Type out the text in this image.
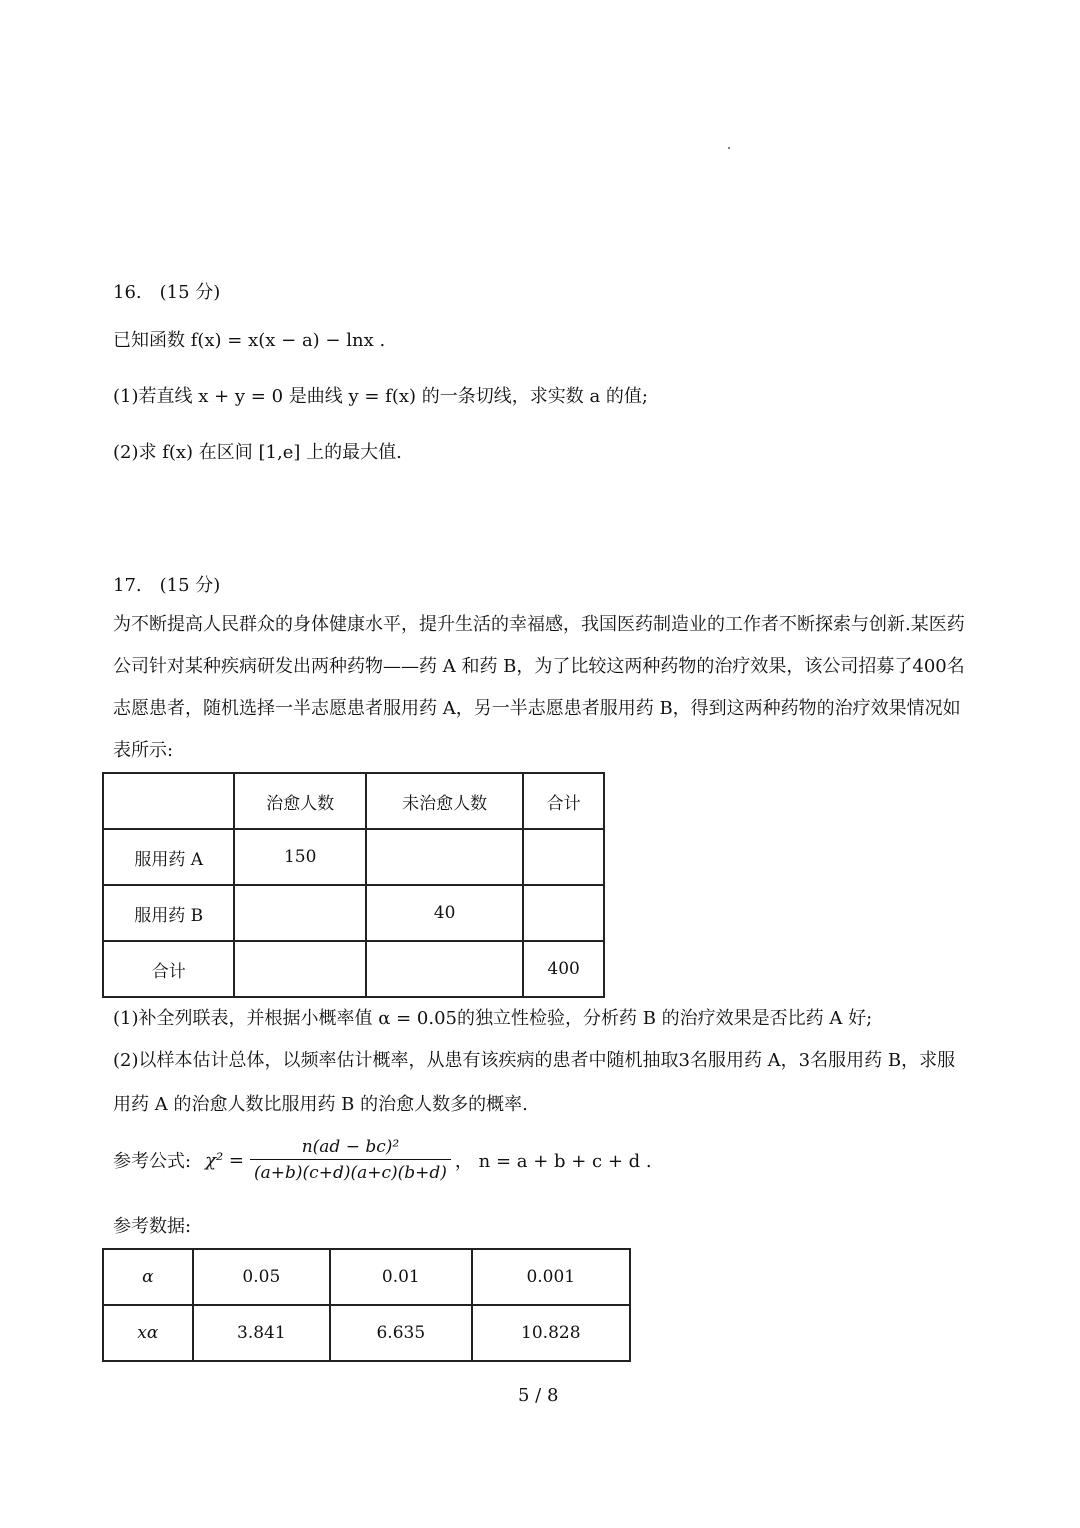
16.　(15 分)
已知函数 f(x) = x(x − a) − lnx .
(1)若直线 x + y = 0 是曲线 y = f(x) 的一条切线，求实数 a 的值;
(2)求 f(x) 在区间 [1,e] 上的最大值.
17.　(15 分)
为不断提高人民群众的身体健康水平，提升生活的幸福感，我国医药制造业的工作者不断探索与创新.某医药公司针对某种疾病研发出两种药物——药 A 和药 B，为了比较这两种药物的治疗效果，该公司招募了400名志愿患者，随机选择一半志愿患者服用药 A，另一半志愿患者服用药 B，得到这两种药物的治疗效果情况如表所示:
	治愈人数	未治愈人数	合计
服用药 A	150		
服用药 B		40	
合计			400
(1)补全列联表，并根据小概率值 α = 0.05的独立性检验，分析药 B 的治疗效果是否比药 A 好;
(2)以样本估计总体，以频率估计概率，从患有该疾病的患者中随机抽取3名服用药 A，3名服用药 B，求服用药 A 的治愈人数比服用药 B 的治愈人数多的概率.
参考公式: $\chi^2 = \frac{\text{n(ad − bc)²}}{(a+b)(c+d)(a+c)(b+d)}$ ， n = a + b + c + d .
参考数据:
α	0.05	0.01	0.001
xα	3.841	6.635	10.828
5 / 8
